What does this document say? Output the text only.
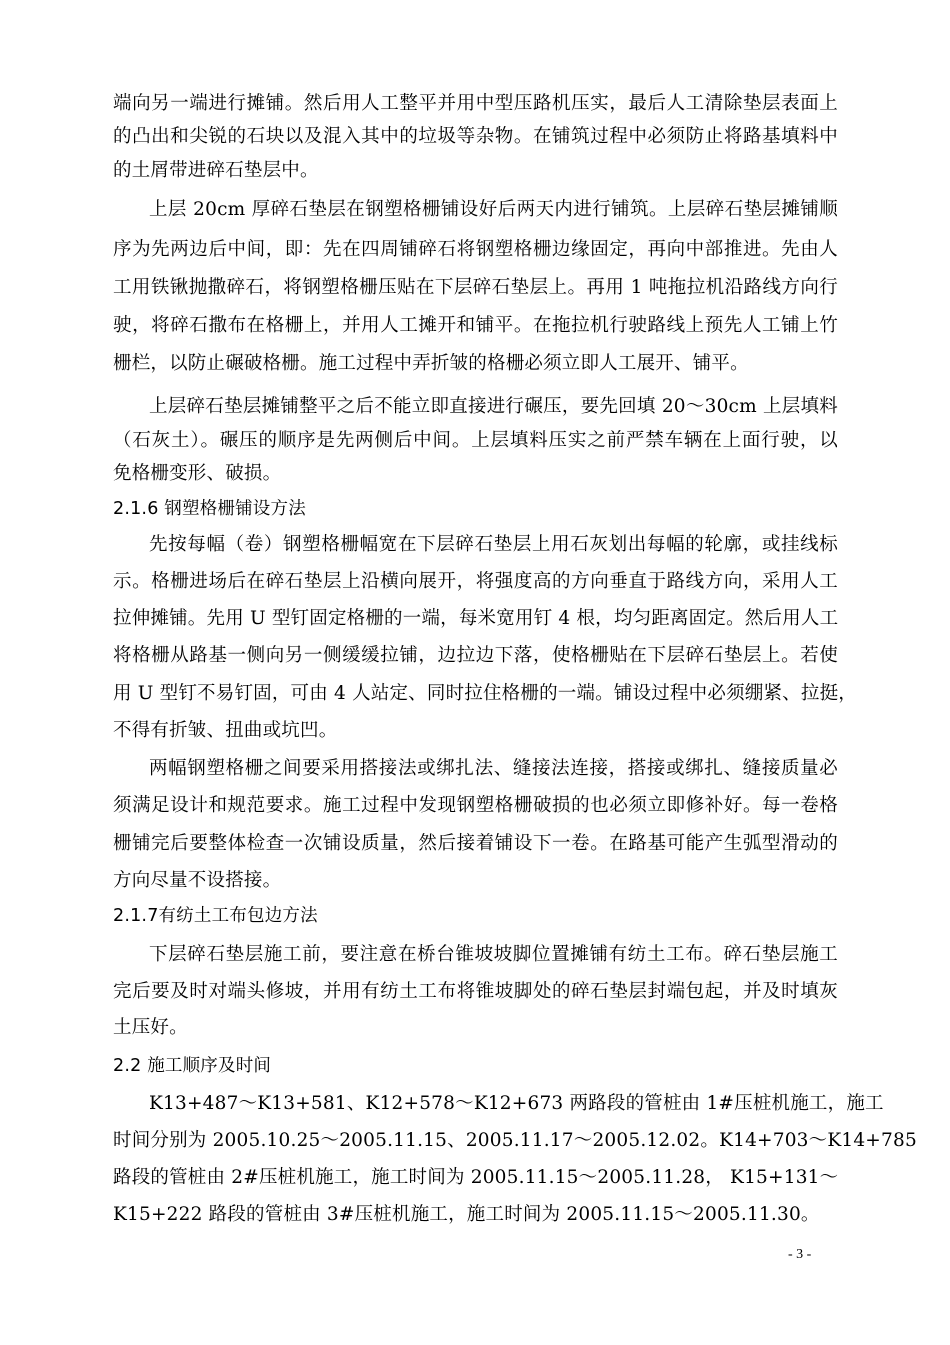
端向另一端进行摊铺。然后用人工整平并用中型压路机压实，最后人工清除垫层表面上
的凸出和尖锐的石块以及混入其中的垃圾等杂物。在铺筑过程中必须防止将路基填料中
的土屑带进碎石垫层中。
上层 20cm 厚碎石垫层在钢塑格栅铺设好后两天内进行铺筑。上层碎石垫层摊铺顺
序为先两边后中间，即：先在四周铺碎石将钢塑格栅边缘固定，再向中部推进。先由人
工用铁锹抛撒碎石，将钢塑格栅压贴在下层碎石垫层上。再用 1 吨拖拉机沿路线方向行
驶，将碎石撒布在格栅上，并用人工摊开和铺平。在拖拉机行驶路线上预先人工铺上竹
栅栏，以防止碾破格栅。施工过程中弄折皱的格栅必须立即人工展开、铺平。
上层碎石垫层摊铺整平之后不能立即直接进行碾压，要先回填 20～30cm 上层填料
（石灰土）。碾压的顺序是先两侧后中间。上层填料压实之前严禁车辆在上面行驶，以
免格栅变形、破损。
2.1.6 钢塑格栅铺设方法
先按每幅（卷）钢塑格栅幅宽在下层碎石垫层上用石灰划出每幅的轮廓，或挂线标
示。格栅进场后在碎石垫层上沿横向展开，将强度高的方向垂直于路线方向，采用人工
拉伸摊铺。先用 U 型钉固定格栅的一端，每米宽用钉 4 根，均匀距离固定。然后用人工
将格栅从路基一侧向另一侧缓缓拉铺，边拉边下落，使格栅贴在下层碎石垫层上。若使
用 U 型钉不易钉固，可由 4 人站定、同时拉住格栅的一端。铺设过程中必须绷紧、拉挺，
不得有折皱、扭曲或坑凹。
两幅钢塑格栅之间要采用搭接法或绑扎法、缝接法连接，搭接或绑扎、缝接质量必
须满足设计和规范要求。施工过程中发现钢塑格栅破损的也必须立即修补好。每一卷格
栅铺完后要整体检查一次铺设质量，然后接着铺设下一卷。在路基可能产生弧型滑动的
方向尽量不设搭接。
2.1.7有纺土工布包边方法
下层碎石垫层施工前，要注意在桥台锥坡坡脚位置摊铺有纺土工布。碎石垫层施工
完后要及时对端头修坡，并用有纺土工布将锥坡脚处的碎石垫层封端包起，并及时填灰
土压好。
2.2 施工顺序及时间
K13+487～K13+581、K12+578～K12+673 两路段的管桩由 1#压桩机施工，施工
时间分别为 2005.10.25～2005.11.15、2005.11.17～2005.12.02。K14+703～K14+785
路段的管桩由 2#压桩机施工，施工时间为 2005.11.15～2005.11.28， K15+131～
K15+222 路段的管桩由 3#压桩机施工，施工时间为 2005.11.15～2005.11.30。
- 3 -
